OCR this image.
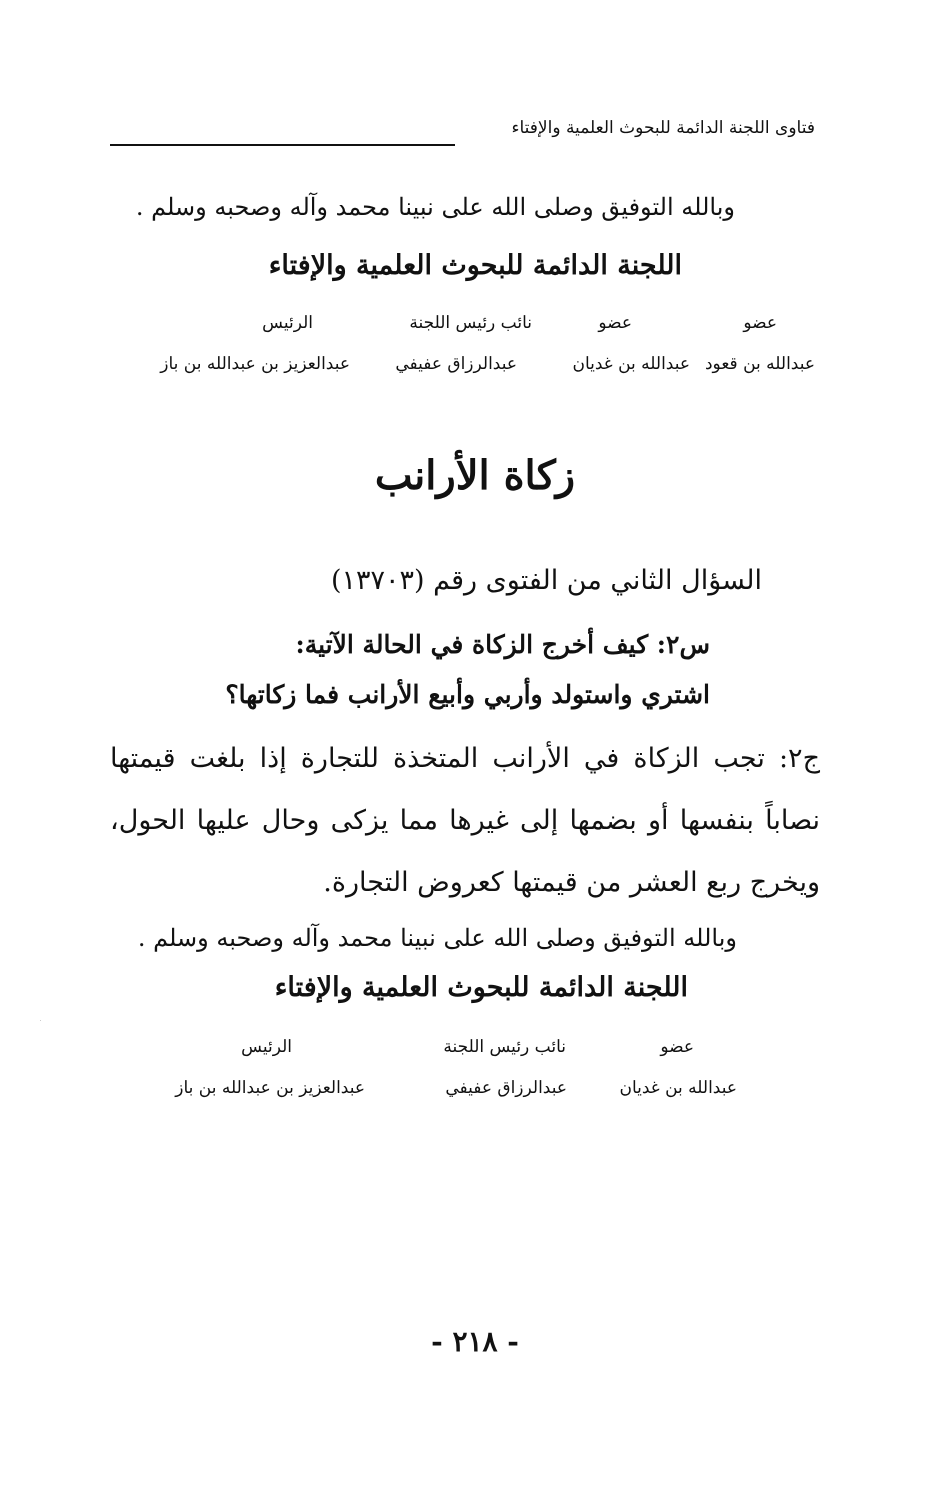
فتاوى اللجنة الدائمة للبحوث العلمية والإفتاء
وبالله التوفيق وصلى الله على نبينا محمد وآله وصحبه وسلم .
اللجنة الدائمة للبحوث العلمية والإفتاء
عضو
عضو
نائب رئيس اللجنة
الرئيس
عبدالله بن قعود
عبدالله بن غديان
عبدالرزاق عفيفي
عبدالعزيز بن عبدالله بن باز
زكاة الأرانب
السؤال الثاني من الفتوى رقم (١٣٧٠٣)
س٢: كيف أخرج الزكاة في الحالة الآتية:
اشتري واستولد وأربي وأبيع الأرانب فما زكاتها؟
ج٢: تجب الزكاة في الأرانب المتخذة للتجارة إذا بلغت قيمتها نصاباً بنفسها أو بضمها إلى غيرها مما يزكى وحال عليها الحول، ويخرج ربع العشر من قيمتها كعروض التجارة.
وبالله التوفيق وصلى الله على نبينا محمد وآله وصحبه وسلم .
اللجنة الدائمة للبحوث العلمية والإفتاء
عضو
نائب رئيس اللجنة
الرئيس
عبدالله بن غديان
عبدالرزاق عفيفي
عبدالعزيز بن عبدالله بن باز
- ٢١٨ -
